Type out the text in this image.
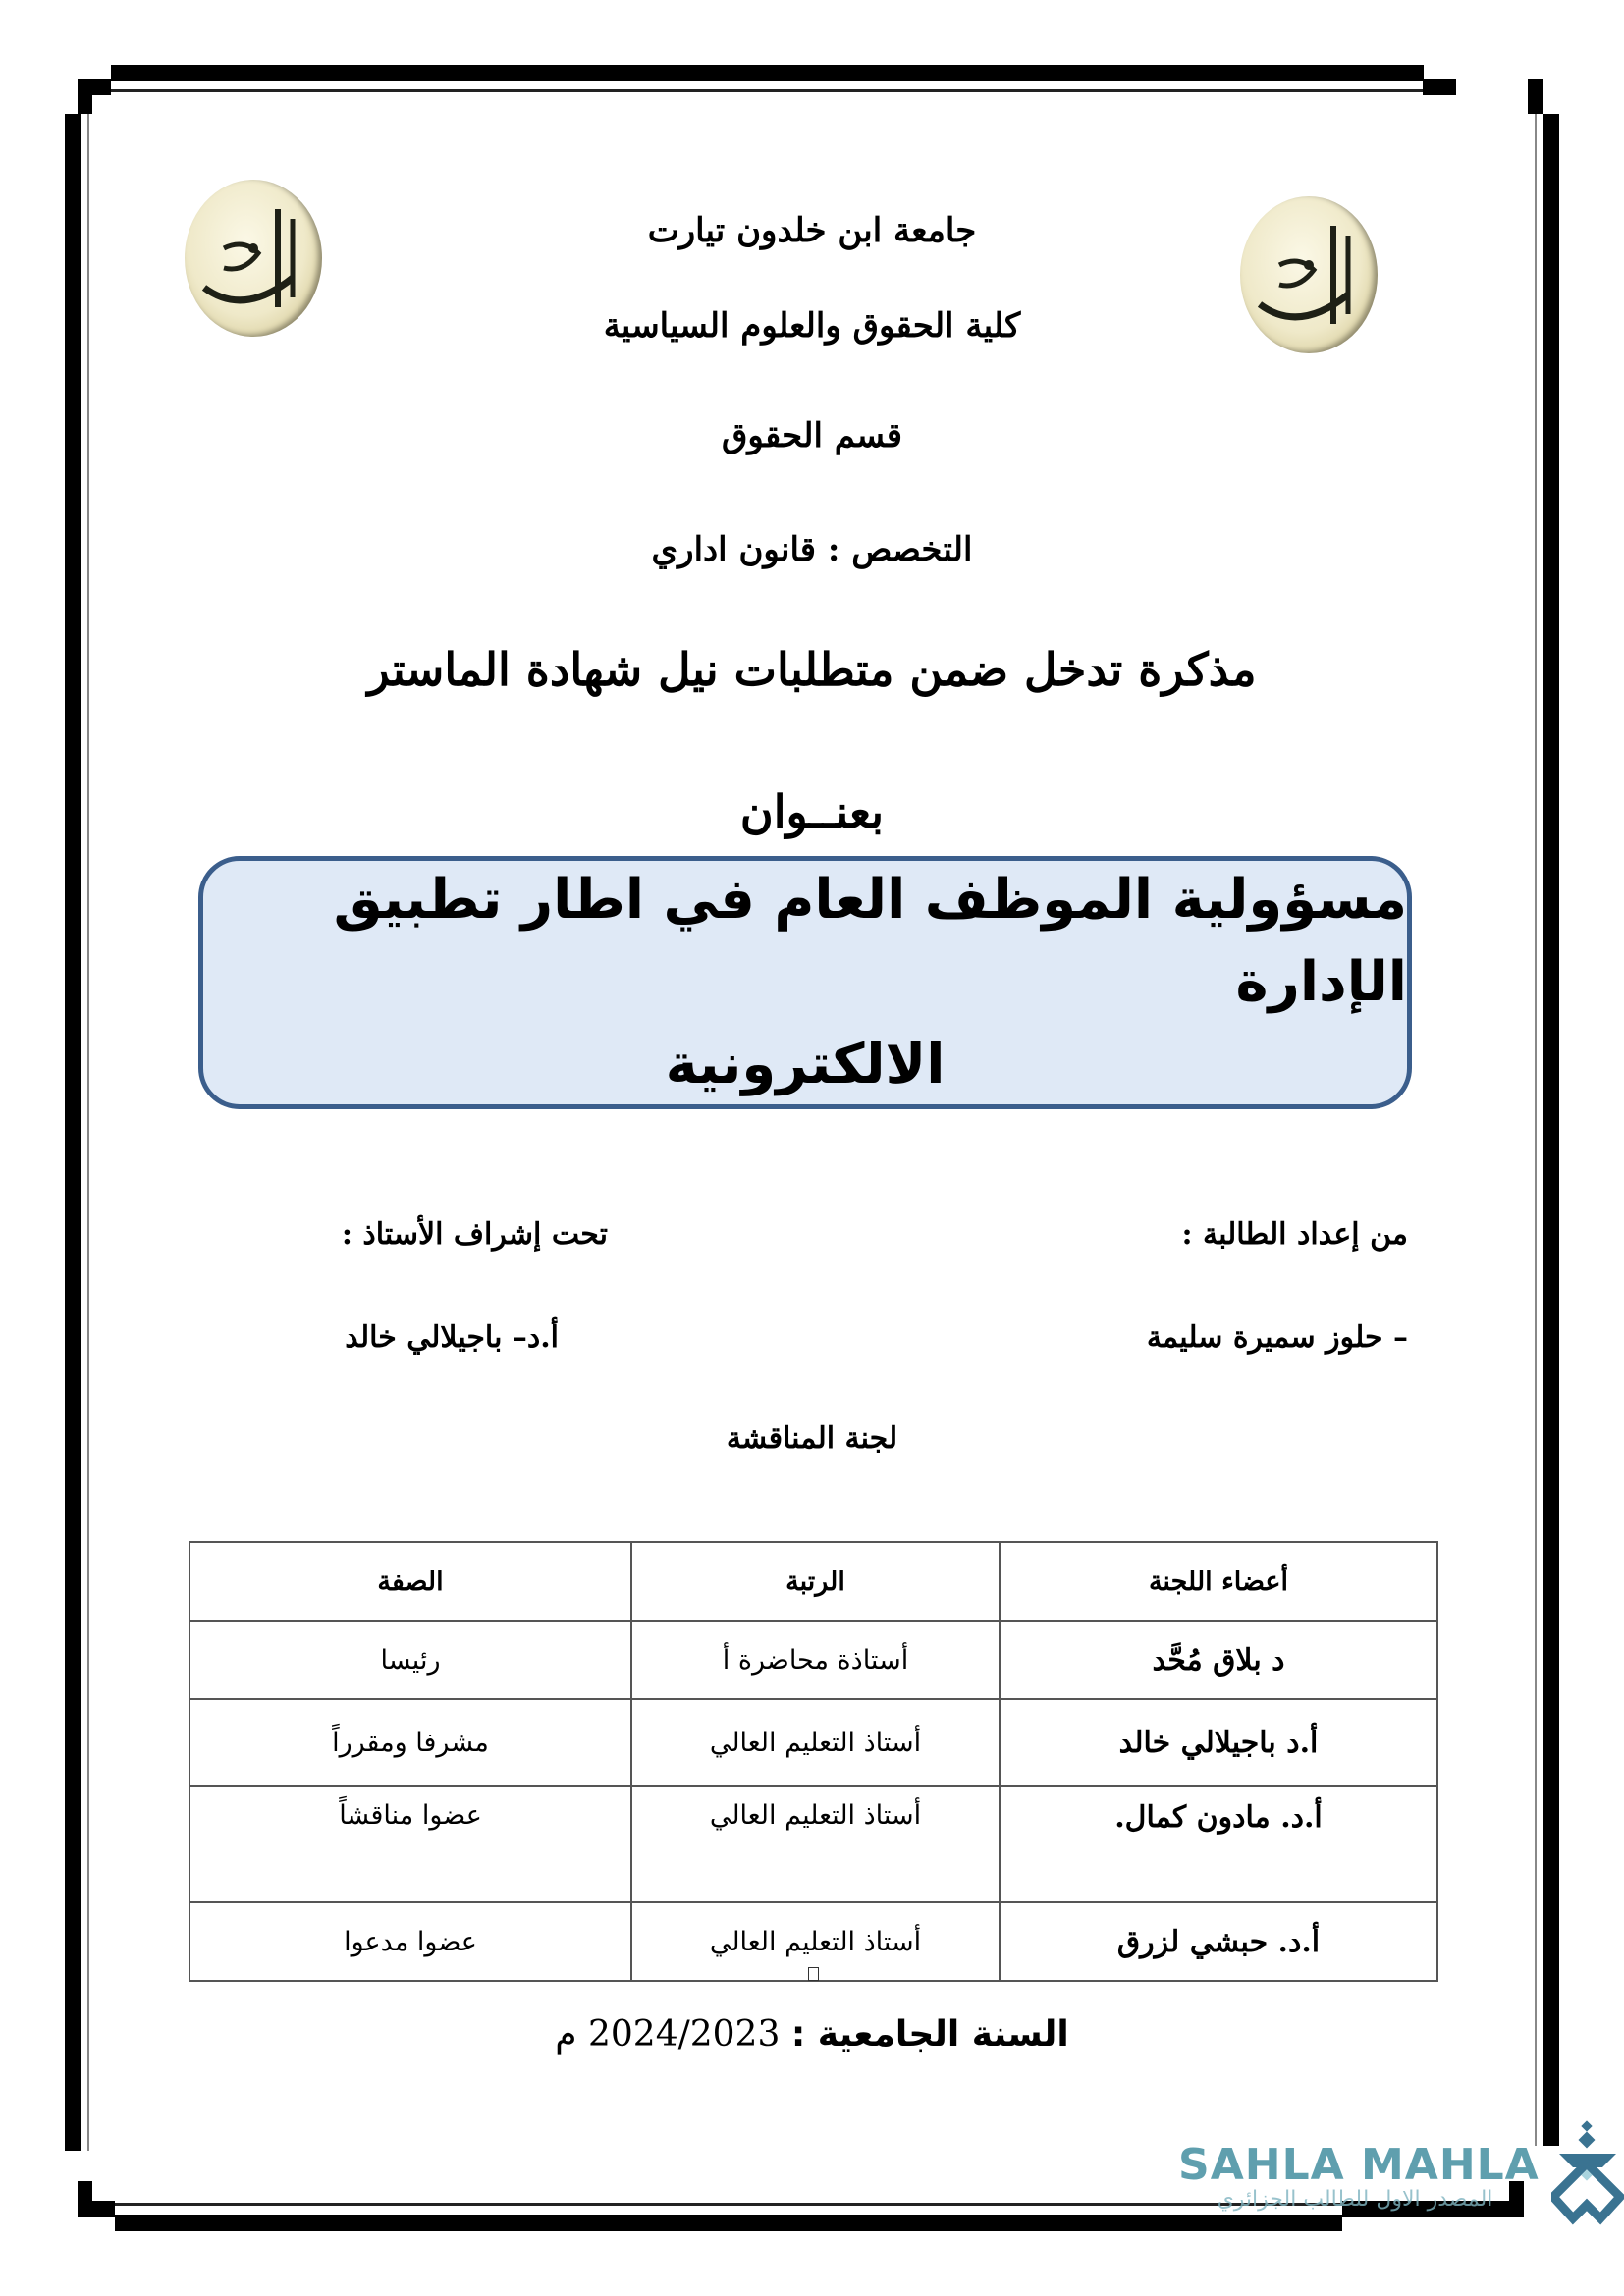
جامعة ابن خلدون تيارت
كلية الحقوق والعلوم السياسية
قسم الحقوق
التخصص : قانون اداري
مذكرة تدخل ضمن متطلبات نيل شهادة الماستر
بعنــوان
مسؤولية الموظف العام في اطار تطبيق الإدارة
الالكترونية
من إعداد الطالبة :
تحت إشراف الأستاذ :
– حلوز سميرة سليمة
أ.د– باجيلالي خالد
لجنة المناقشة
أعضاء اللجنة	الرتبة	الصفة
د بلاق مُحَّد	أستاذة محاضرة أ	رئيسا
أ.د باجيلالي خالد	أستاذ التعليم العالي	مشرفا ومقرراً
أ.د. مادون كمال.	أستاذ التعليم العالي	عضوا مناقشاً
أ.د. حبشي لزرق	أستاذ التعليم العالي	عضوا مدعوا
السنة الجامعية : 2024/2023 م
SAHLA MAHLA
المصدر الاول للطالب الجزائري
